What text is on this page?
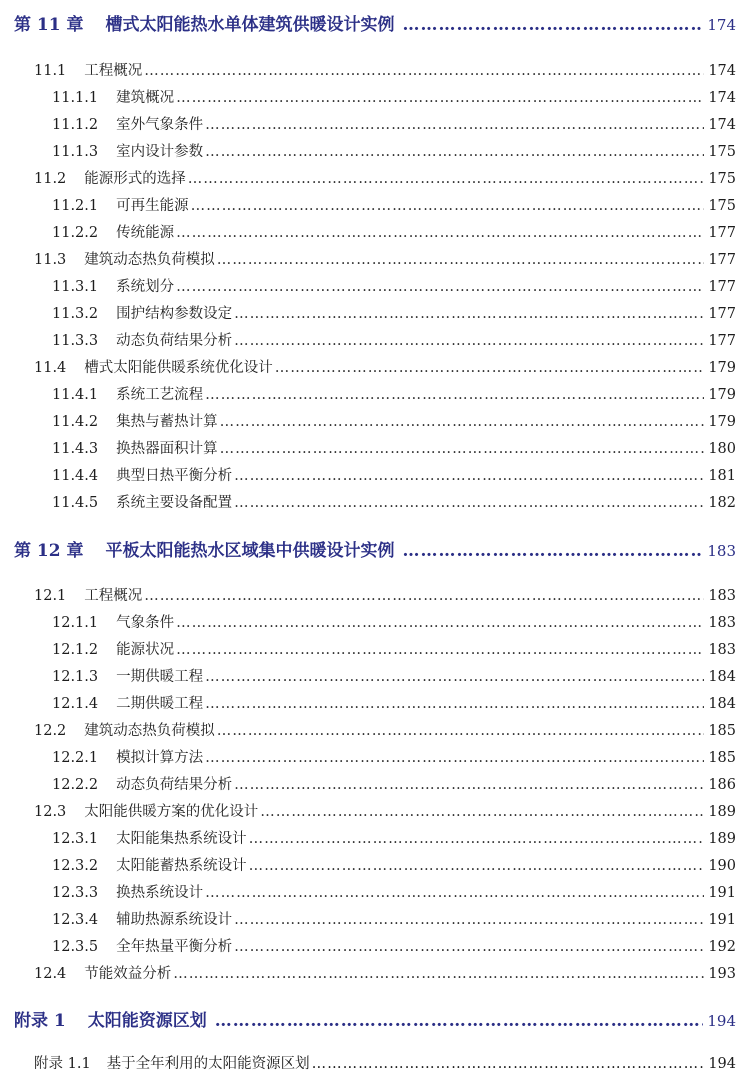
第 11 章 槽式太阳能热水单体建筑供暖设计实例 …………………………………………………………………………………………………………………………………………………………………………………………………………………………………………	174
11.1 工程概况 …………………………………………………………………………………………………………………………………………………………………………………………………………………………………………	174
11.1.1 建筑概况 …………………………………………………………………………………………………………………………………………………………………………………………………………………………………………	174
11.1.2 室外气象条件 …………………………………………………………………………………………………………………………………………………………………………………………………………………………………………	174
11.1.3 室内设计参数 …………………………………………………………………………………………………………………………………………………………………………………………………………………………………………	175
11.2 能源形式的选择 …………………………………………………………………………………………………………………………………………………………………………………………………………………………………………	175
11.2.1 可再生能源 …………………………………………………………………………………………………………………………………………………………………………………………………………………………………………	175
11.2.2 传统能源 …………………………………………………………………………………………………………………………………………………………………………………………………………………………………………	177
11.3 建筑动态热负荷模拟 …………………………………………………………………………………………………………………………………………………………………………………………………………………………………………	177
11.3.1 系统划分 …………………………………………………………………………………………………………………………………………………………………………………………………………………………………………	177
11.3.2 围护结构参数设定 …………………………………………………………………………………………………………………………………………………………………………………………………………………………………………	177
11.3.3 动态负荷结果分析 …………………………………………………………………………………………………………………………………………………………………………………………………………………………………………	177
11.4 槽式太阳能供暖系统优化设计 …………………………………………………………………………………………………………………………………………………………………………………………………………………………………………	179
11.4.1 系统工艺流程 …………………………………………………………………………………………………………………………………………………………………………………………………………………………………………	179
11.4.2 集热与蓄热计算 …………………………………………………………………………………………………………………………………………………………………………………………………………………………………………	179
11.4.3 换热器面积计算 …………………………………………………………………………………………………………………………………………………………………………………………………………………………………………	180
11.4.4 典型日热平衡分析 …………………………………………………………………………………………………………………………………………………………………………………………………………………………………………	181
11.4.5 系统主要设备配置 …………………………………………………………………………………………………………………………………………………………………………………………………………………………………………	182
第 12 章 平板太阳能热水区域集中供暖设计实例 …………………………………………………………………………………………………………………………………………………………………………………………………………………………………………	183
12.1 工程概况 …………………………………………………………………………………………………………………………………………………………………………………………………………………………………………	183
12.1.1 气象条件 …………………………………………………………………………………………………………………………………………………………………………………………………………………………………………	183
12.1.2 能源状况 …………………………………………………………………………………………………………………………………………………………………………………………………………………………………………	183
12.1.3 一期供暖工程 …………………………………………………………………………………………………………………………………………………………………………………………………………………………………………	184
12.1.4 二期供暖工程 …………………………………………………………………………………………………………………………………………………………………………………………………………………………………………	184
12.2 建筑动态热负荷模拟 …………………………………………………………………………………………………………………………………………………………………………………………………………………………………………	185
12.2.1 模拟计算方法 …………………………………………………………………………………………………………………………………………………………………………………………………………………………………………	185
12.2.2 动态负荷结果分析 …………………………………………………………………………………………………………………………………………………………………………………………………………………………………………	186
12.3 太阳能供暖方案的优化设计 …………………………………………………………………………………………………………………………………………………………………………………………………………………………………………	189
12.3.1 太阳能集热系统设计 …………………………………………………………………………………………………………………………………………………………………………………………………………………………………………	189
12.3.2 太阳能蓄热系统设计 …………………………………………………………………………………………………………………………………………………………………………………………………………………………………………	190
12.3.3 换热系统设计 …………………………………………………………………………………………………………………………………………………………………………………………………………………………………………	191
12.3.4 辅助热源系统设计 …………………………………………………………………………………………………………………………………………………………………………………………………………………………………………	191
12.3.5 全年热量平衡分析 …………………………………………………………………………………………………………………………………………………………………………………………………………………………………………	192
12.4 节能效益分析 …………………………………………………………………………………………………………………………………………………………………………………………………………………………………………	193
附录 1 太阳能资源区划 …………………………………………………………………………………………………………………………………………………………………………………………………………………………………………	194
附录 1.1 基于全年利用的太阳能资源区划 …………………………………………………………………………………………………………………………………………………………………………………………………………………………………………	194
